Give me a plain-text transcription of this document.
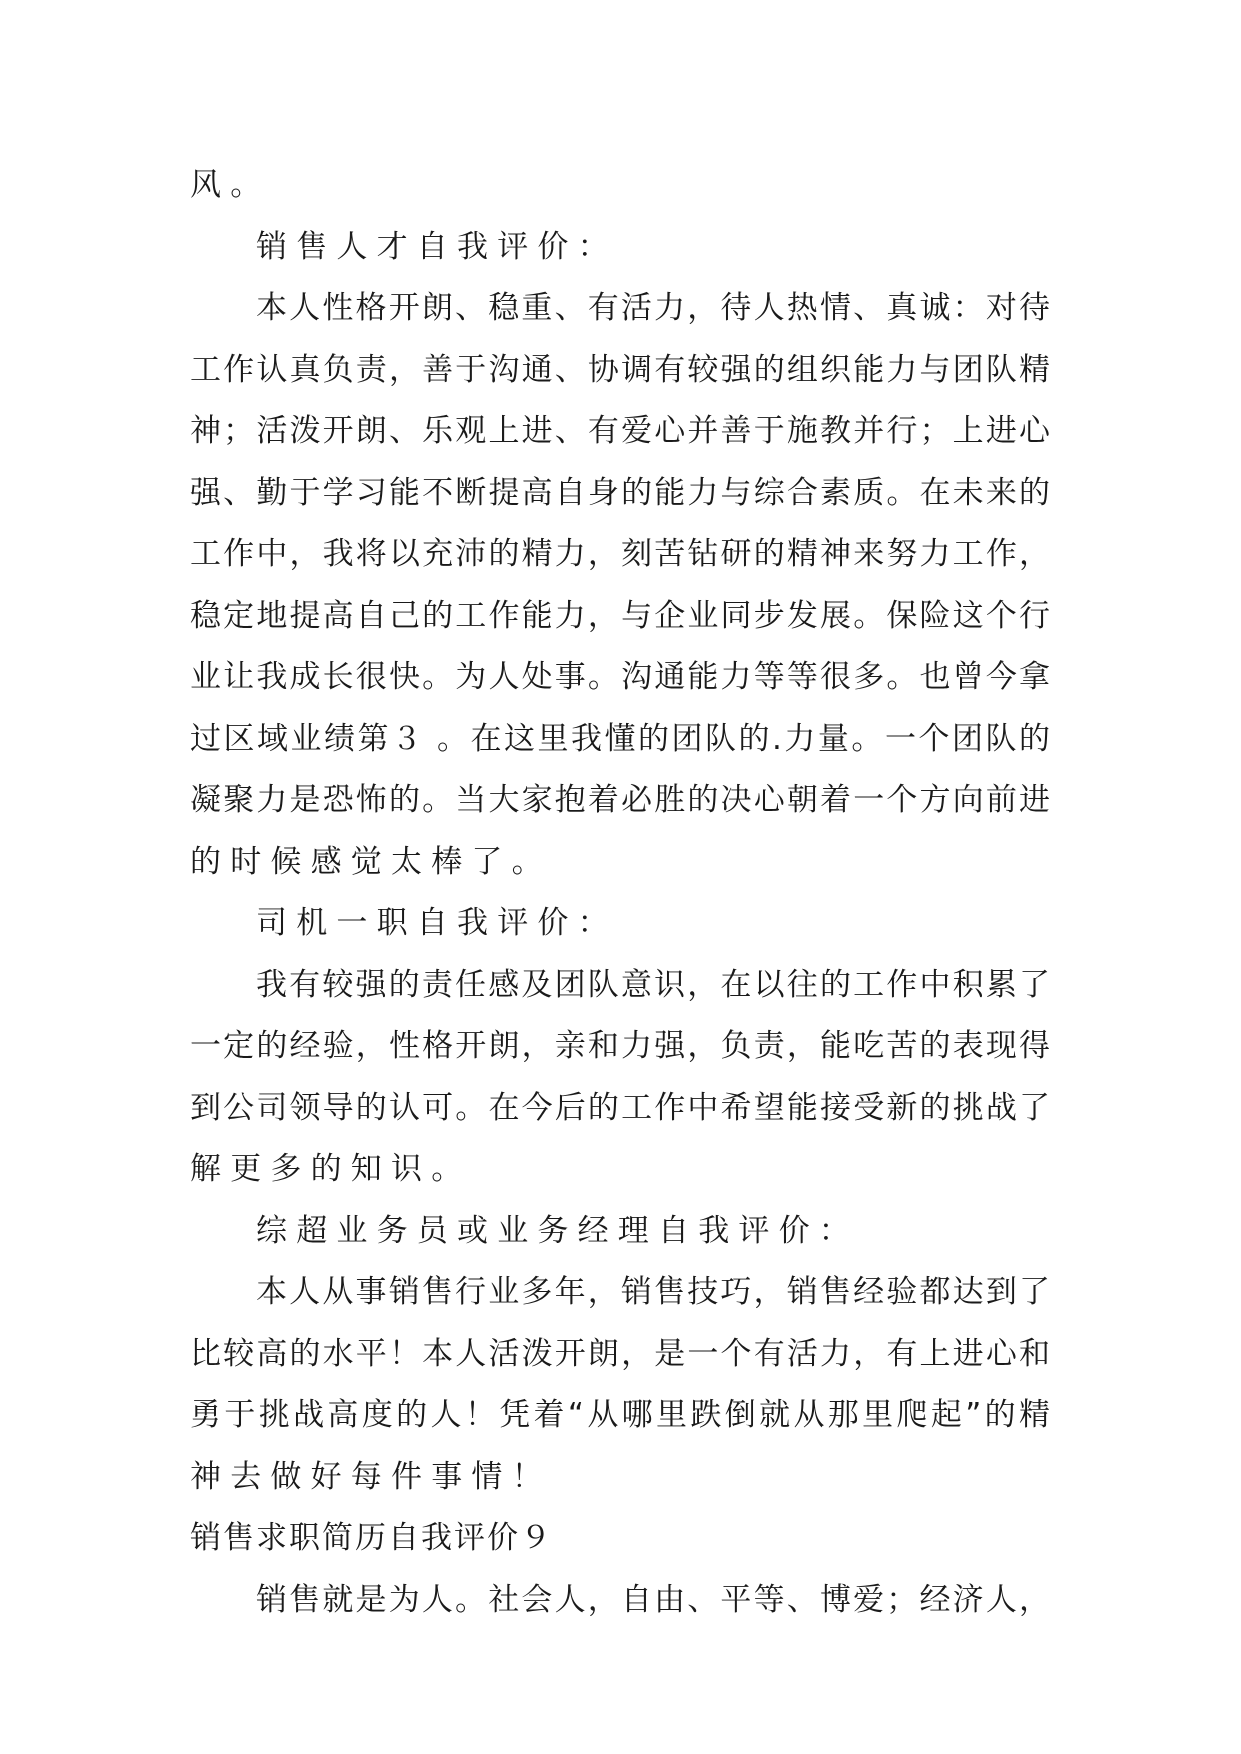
风。
销售人才自我评价：
本人性格开朗、稳重、有活力，待人热情、真诚：对待
工作认真负责，善于沟通、协调有较强的组织能力与团队精
神；活泼开朗、乐观上进、有爱心并善于施教并行；上进心
强、勤于学习能不断提高自身的能力与综合素质。在未来的
工作中，我将以充沛的精力，刻苦钻研的精神来努力工作，
稳定地提高自己的工作能力，与企业同步发展。保险这个行
业让我成长很快。为人处事。沟通能力等等很多。也曾今拿
过区域业绩第３ 。在这里我懂的团队的.力量。一个团队的
凝聚力是恐怖的。当大家抱着必胜的决心朝着一个方向前进
的时候感觉太棒了。
司机一职自我评价：
我有较强的责任感及团队意识，在以往的工作中积累了
一定的经验，性格开朗，亲和力强，负责，能吃苦的表现得
到公司领导的认可。在今后的工作中希望能接受新的挑战了
解更多的知识。
综超业务员或业务经理自我评价：
本人从事销售行业多年，销售技巧，销售经验都达到了
比较高的水平！本人活泼开朗，是一个有活力，有上进心和
勇于挑战高度的人！凭着“从哪里跌倒就从那里爬起”的精
神去做好每件事情！
销售求职简历自我评价９
销售就是为人。社会人，自由、平等、博爱；经济人，
